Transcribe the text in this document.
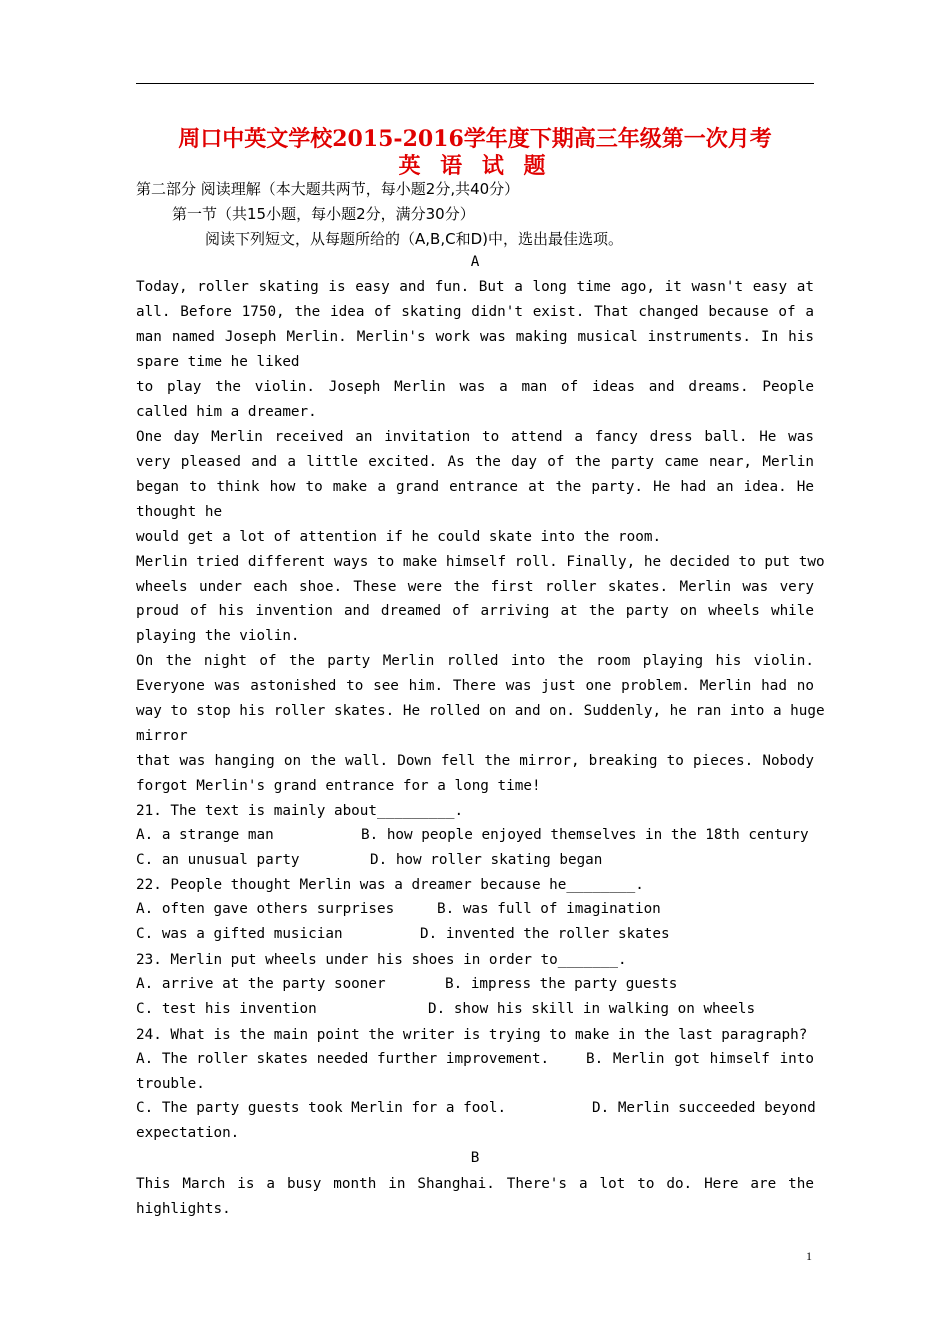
周口中英文学校2015-2016学年度下期高三年级第一次月考
英 语 试 题
第二部分 阅读理解（本大题共两节，每小题2分,共40分）
第一节（共15小题，每小题2分，满分30分）
阅读下列短文，从每题所给的（A,B,C和D)中，选出最佳选项。
A
Today, roller skating is easy and fun. But a long time ago, it wasn't easy at
all. Before 1750, the idea of skating didn't exist. That changed because of a
man named Joseph Merlin. Merlin's work was making musical instruments. In his
spare time he liked
to play the violin. Joseph Merlin was a man of ideas and dreams. People
called him a dreamer.
One day Merlin received an invitation to attend a fancy dress ball. He was
very pleased and a little excited. As the day of the party came near, Merlin
began to think how to make a grand entrance at the party. He had an idea. He
thought he
would get a lot of attention if he could skate into the room.
Merlin tried different ways to make himself roll. Finally, he decided to put two
wheels under each shoe. These were the first roller skates. Merlin was very
proud of his invention and dreamed of arriving at the party on wheels while
playing the violin.
On the night of the party Merlin rolled into the room playing his violin.
Everyone was astonished to see him. There was just one problem. Merlin had no
way to stop his roller skates. He rolled on and on. Suddenly, he ran into a huge
mirror
that was hanging on the wall. Down fell the mirror, breaking to pieces. Nobody
forgot Merlin's grand entrance for a long time!
21. The text is mainly about_________.
A. a strange man	B. how people enjoyed themselves in the 18th century
C. an unusual party	D. how roller skating began
22. People thought Merlin was a dreamer because he________.
A. often gave others surprises	B. was full of imagination
C. was a gifted musician	D. invented the roller skates
23. Merlin put wheels under his shoes in order to_______.
A. arrive at the party sooner	B. impress the party guests
C. test his invention	D. show his skill in walking on wheels
24. What is the main point the writer is trying to make in the last paragraph?
A. The roller skates needed further improvement.	B. Merlin got himself into
trouble.
C. The party guests took Merlin for a fool.	D. Merlin succeeded beyond
expectation.
B
This March is a busy month in Shanghai. There's a lot to do. Here are the
highlights.
1
